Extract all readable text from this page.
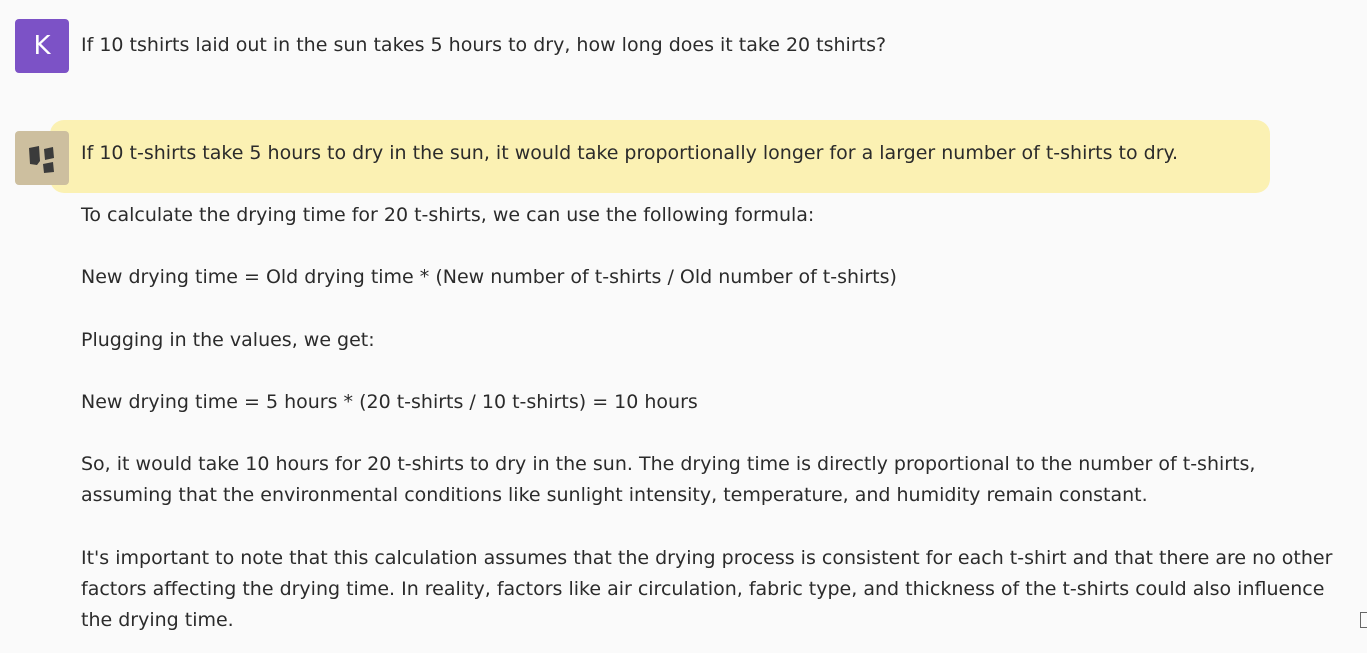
K	If 10 tshirts laid out in the sun takes 5 hours to dry, how long does it take 20 tshirts?

If 10 t-shirts take 5 hours to dry in the sun, it would take proportionally longer for a larger number of t-shirts to dry.

To calculate the drying time for 20 t-shirts, we can use the following formula:

New drying time = Old drying time * (New number of t-shirts / Old number of t-shirts)

Plugging in the values, we get:

New drying time = 5 hours * (20 t-shirts / 10 t-shirts) = 10 hours

So, it would take 10 hours for 20 t-shirts to dry in the sun. The drying time is directly proportional to the number of t-shirts, assuming that the environmental conditions like sunlight intensity, temperature, and humidity remain constant.

It's important to note that this calculation assumes that the drying process is consistent for each t-shirt and that there are no other factors affecting the drying time. In reality, factors like air circulation, fabric type, and thickness of the t-shirts could also influence the drying time.
